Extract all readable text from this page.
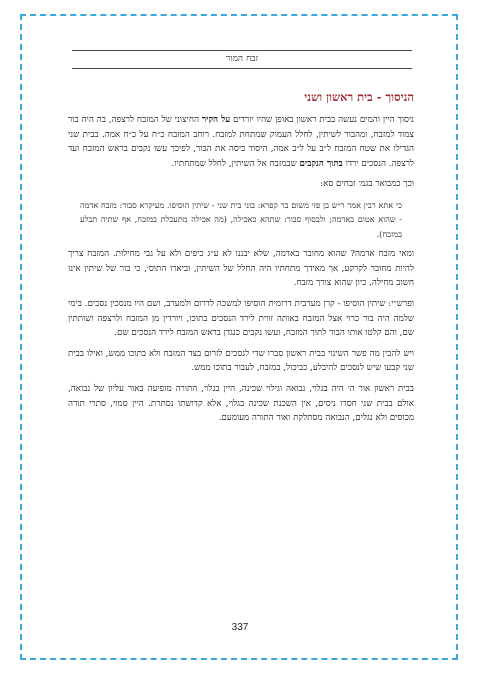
זבח המור
הניסוך - בית ראשון ושני

ניסוך היין והמים נעשה בבית ראשון באופן שהיו יורדים על הקיר החיצוני של המזבח לרצפה, בה היה בור צמוד למזבח, ומהבור לשיתין, לחלל העמוק שמתחת למזבח. רוחב המזבח כ״ח על כ״ח אמה. בבית שני הגדילו את שטח המזבח ל״ב על ל״ב אמה, היסוד כיסה את הבור, לפיכך עשו נקבים בראש המזבח ועד לרצפה. הנסכים ירדו בתוך הנקבים שבמזבח אל השיתין, לחלל שמתחתיו.

וכך כמבואר בגמ׳ זבחים סא:

כי אתא רבין אמר ר״ש בן פזי משום בר קפרא: בוני בית שני - שיתין הוסיפו. מעיקרא סבור: מזבח אדמה - שהוא אטום באדמה; ולבסוף סבור: שתהא כאכילה, (מה אכילה מתעכלת במזבח, אף שתיה תבלע במזבח).

ומאי מזבח אדמה? שהוא מחובר באדמה, שלא יבננו לא ע״ג כיפים ולא על גבי מחילות. המזבח צריך להיות מחובר לקרקע, אך מאידך מתחתיו היה החלל של השיתין, וביארו התוס׳, כי בור של שיתין אינו חשוב מחילה, כיון שהוא צורך מזבח.

ופרש״י: שיתין הוסיפו - קרן מערבית דרומית הוסיפו למשכה לדרום ולמערב, ושם היו מנסכין נסכים. בימי שלמה היה בור כרוי אצל המזבח באותה זווית לירד הנסכים בתוכו, ויורדין מן המזבח ולרצפה ושותתין שם, והם קלטו אותו הבור לתוך המזבח, ועשו נקבים כנגדן בראש המזבח לירד הנסכים שם.

ויש להבין מה פשר השינוי בבית ראשון סברו שדי לנסכים לזרום בצד המזבח ולא בתוכו ממש, ואילו בבית שני קבעו שיש לנסכים להיבלע, כביכול, במזבח, לעבור בתוכו ממש.

בבית ראשון אור ה׳ היה בגלוי, נבואה וגילוי שכינה, היין בגלוי, התורה מופיעה באור עליון של נבואה, אולם בבית שני חסרו ניסים, אין השכנת שכינה בגלוי, אלא קדושתו נסתרת. היין סמוי, סתרי תורה מכוסים ולא נגלים, הנבואה מסתלקת ואור התורה מעומעם.

337
